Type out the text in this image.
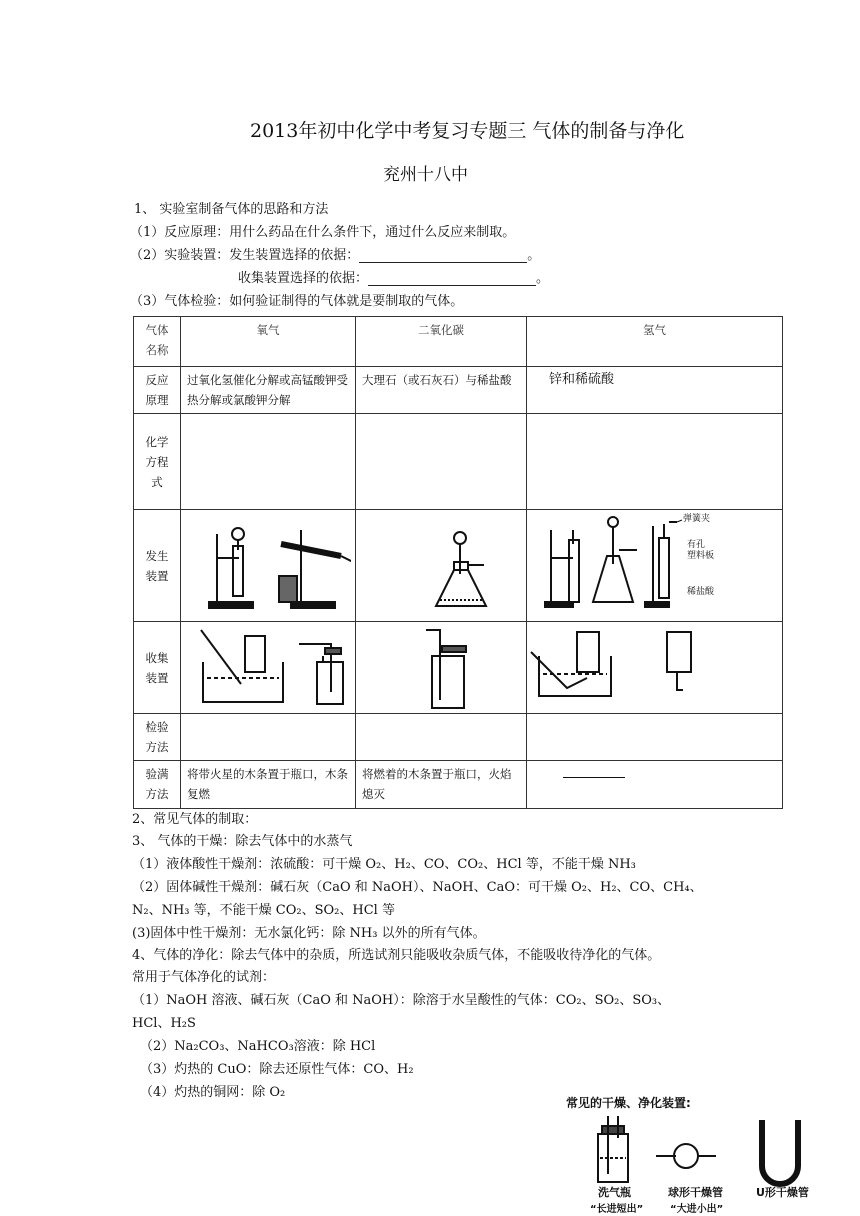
2013年初中化学中考复习专题三 气体的制备与净化
兖州十八中
1、 实验室制备气体的思路和方法
（1）反应原理：用什么药品在什么条件下，通过什么反应来制取。
（2）实验装置：发生装置选择的依据：	。
收集装置选择的依据：	。
（3）气体检验：如何验证制得的气体就是要制取的气体。
气体名称	氧气	二氧化碳	氢气
反应原理	过氧化氢催化分解或高锰酸钾受热分解或氯酸钾分解	大理石（或石灰石）与稀盐酸	锌和稀硫酸
化学方程式			
发生装置			弹簧夹
有孔
塑料板
稀盐酸

收集装置	

检验方法			
验满方法	将带火星的木条置于瓶口，木条复燃	将燃着的木条置于瓶口，火焰熄灭	
2、常见气体的制取：
3、 气体的干燥：除去气体中的水蒸气
（1）液体酸性干燥剂：浓硫酸：可干燥 O₂、H₂、CO、CO₂、HCl 等，不能干燥 NH₃
（2）固体碱性干燥剂：碱石灰（CaO 和 NaOH）、NaOH、CaO：可干燥 O₂、H₂、CO、CH₄、
N₂、NH₃ 等，不能干燥 CO₂、SO₂、HCl 等
(3)固体中性干燥剂：无水氯化钙：除 NH₃ 以外的所有气体。
4、气体的净化：除去气体中的杂质，所选试剂只能吸收杂质气体，不能吸收待净化的气体。
常用于气体净化的试剂：
（1）NaOH 溶液、碱石灰（CaO 和 NaOH）：除溶于水呈酸性的气体：CO₂、SO₂、SO₃、
HCl、H₂S
（2）Na₂CO₃、NaHCO₃溶液：除 HCl
（3）灼热的 CuO：除去还原性气体：CO、H₂
（4）灼热的铜网：除 O₂
常见的干燥、净化装置:
洗气瓶
“长进短出”
球形干燥管
“大进小出”
U形干燥管
